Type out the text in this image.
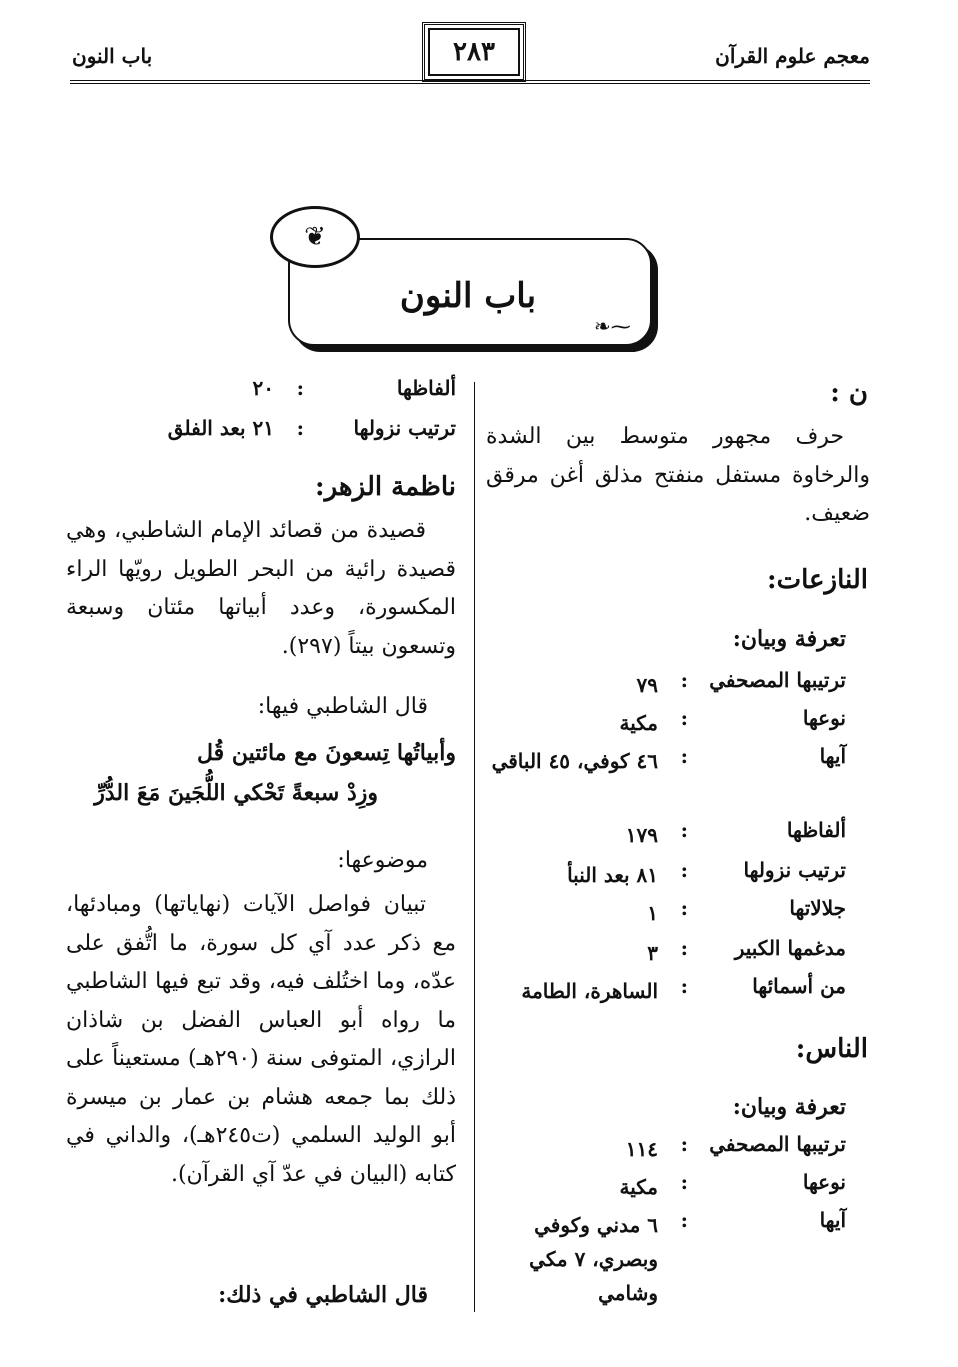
معجم علوم القرآن
٢٨٣
باب النون
❦
❧⁓
باب النون
ن :
حرف مجهور متوسط بين الشدة والرخاوة مستفل منفتح مذلق أغن مرقق ضعيف.
النازعات:
تعرفة وبيان:
ترتيبها المصحفي
:
٧٩
نوعها
:
مكية
آيها
:
٤٦ كوفي، ٤٥ الباقي
ألفاظها
:
١٧٩
ترتيب نزولها
:
٨١ بعد النبأ
جلالاتها
:
١
مدغمها الكبير
:
٣
من أسمائها
:
الساهرة، الطامة
الناس:
تعرفة وبيان:
ترتيبها المصحفي
:
١١٤
نوعها
:
مكية
آيها
:
٦ مدني وكوفي وبصري، ٧ مكي وشامي
ألفاظها
:
٢٠
ترتيب نزولها
:
٢١ بعد الفلق
ناظمة الزهر:
قصيدة من قصائد الإمام الشاطبي، وهي قصيدة رائية من البحر الطويل رويّها الراء المكسورة، وعدد أبياتها مئتان وسبعة وتسعون بيتاً (٢٩٧).
قال الشاطبي فيها:
وأبياتُها تِسعونَ مع مائتين قُل
وزِدْ سبعةً تَحْكي اللُّجَينَ مَعَ الدُّرِّ
موضوعها:
تبيان فواصل الآيات (نهاياتها) ومبادئها، مع ذكر عدد آي كل سورة، ما اتُّفق على عدّه، وما اختُلف فيه، وقد تبع فيها الشاطبي ما رواه أبو العباس الفضل بن شاذان الرازي، المتوفى سنة (٢٩٠هـ) مستعيناً على ذلك بما جمعه هشام بن عمار بن ميسرة أبو الوليد السلمي (ت٢٤٥هـ)، والداني في كتابه (البيان في عدّ آي القرآن).
قال الشاطبي في ذلك:
